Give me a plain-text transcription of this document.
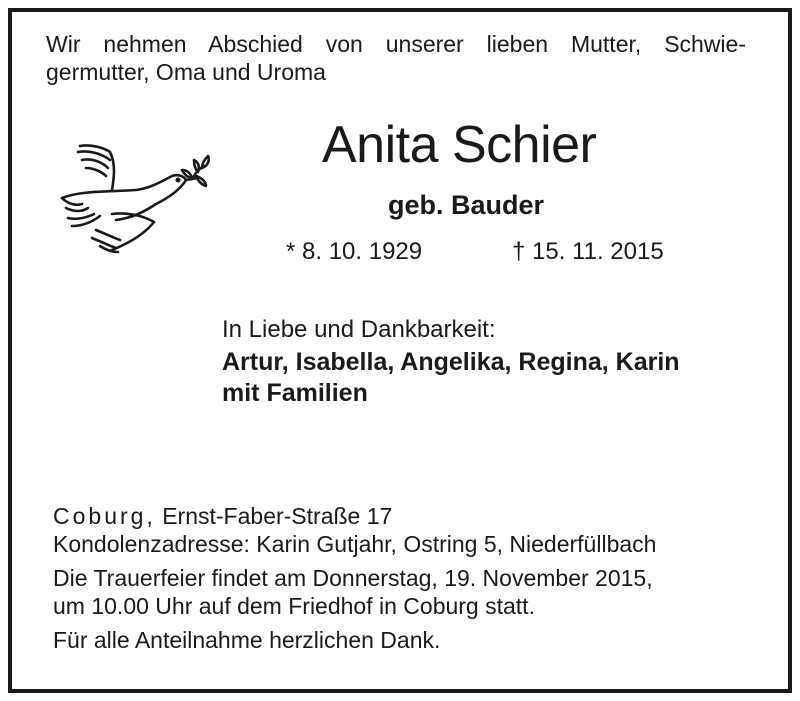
Wir nehmen Abschied von unserer lieben Mutter, Schwie-
germutter, Oma und Uroma
Anita Schier
geb. Bauder
* 8. 10. 1929	† 15. 11. 2015
In Liebe und Dankbarkeit:
Artur, Isabella, Angelika, Regina, Karin
mit Familien
Coburg, Ernst-Faber-Straße 17
Kondolenzadresse: Karin Gutjahr, Ostring 5, Niederfüllbach
Die Trauerfeier findet am Donnerstag, 19. November 2015,
um 10.00 Uhr auf dem Friedhof in Coburg statt.
Für alle Anteilnahme herzlichen Dank.
